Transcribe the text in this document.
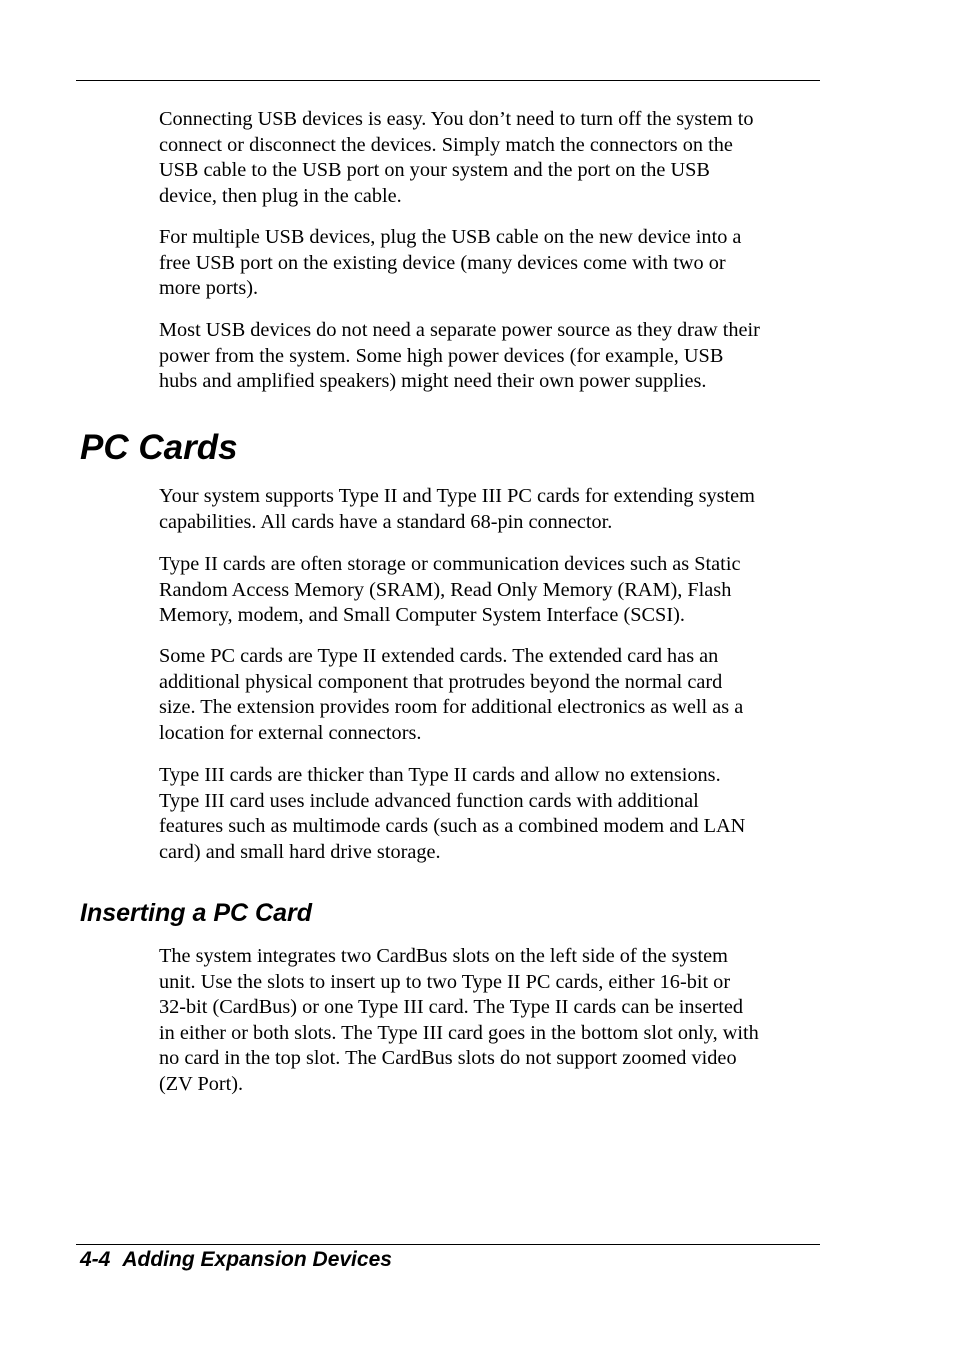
Connecting USB devices is easy. You don’t need to turn off the system to
connect or disconnect the devices. Simply match the connectors on the
USB cable to the USB port on your system and the port on the USB
device, then plug in the cable.

For multiple USB devices, plug the USB cable on the new device into a
free USB port on the existing device (many devices come with two or
more ports).

Most USB devices do not need a separate power source as they draw their
power from the system. Some high power devices (for example, USB
hubs and amplified speakers) might need their own power supplies.

PC Cards

Your system supports Type II and Type III PC cards for extending system
capabilities. All cards have a standard 68-pin connector.

Type II cards are often storage or communication devices such as Static
Random Access Memory (SRAM), Read Only Memory (RAM), Flash
Memory, modem, and Small Computer System Interface (SCSI).

Some PC cards are Type II extended cards. The extended card has an
additional physical component that protrudes beyond the normal card
size. The extension provides room for additional electronics as well as a
location for external connectors.

Type III cards are thicker than Type II cards and allow no extensions.
Type III card uses include advanced function cards with additional
features such as multimode cards (such as a combined modem and LAN
card) and small hard drive storage.

Inserting a PC Card

The system integrates two CardBus slots on the left side of the system
unit. Use the slots to insert up to two Type II PC cards, either 16-bit or
32-bit (CardBus) or one Type III card. The Type II cards can be inserted
in either or both slots. The Type III card goes in the bottom slot only, with
no card in the top slot. The CardBus slots do not support zoomed video
(ZV Port).

4-4 Adding Expansion Devices
